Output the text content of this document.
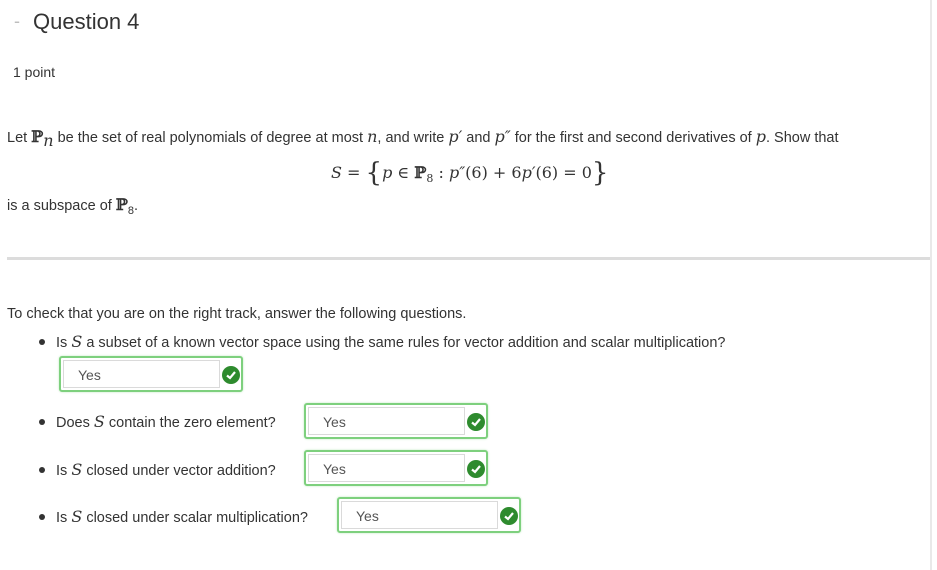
- Question 4
1 point
Let ℙ$_n$ be the set of real polynomials of degree at most n, and write p′ and p″ for the first and second derivatives of p. Show that
S = {p ∈ ℙ$_8$ : p″(6) + 6p′(6) = 0}
is a subspace of ℙ$_8$.
To check that you are on the right track, answer the following questions.
Is S a subset of a known vector space using the same rules for vector addition and scalar multiplication?
Yes
Does S contain the zero element?	Yes
Is S closed under vector addition?	Yes
Is S closed under scalar multiplication?	Yes
